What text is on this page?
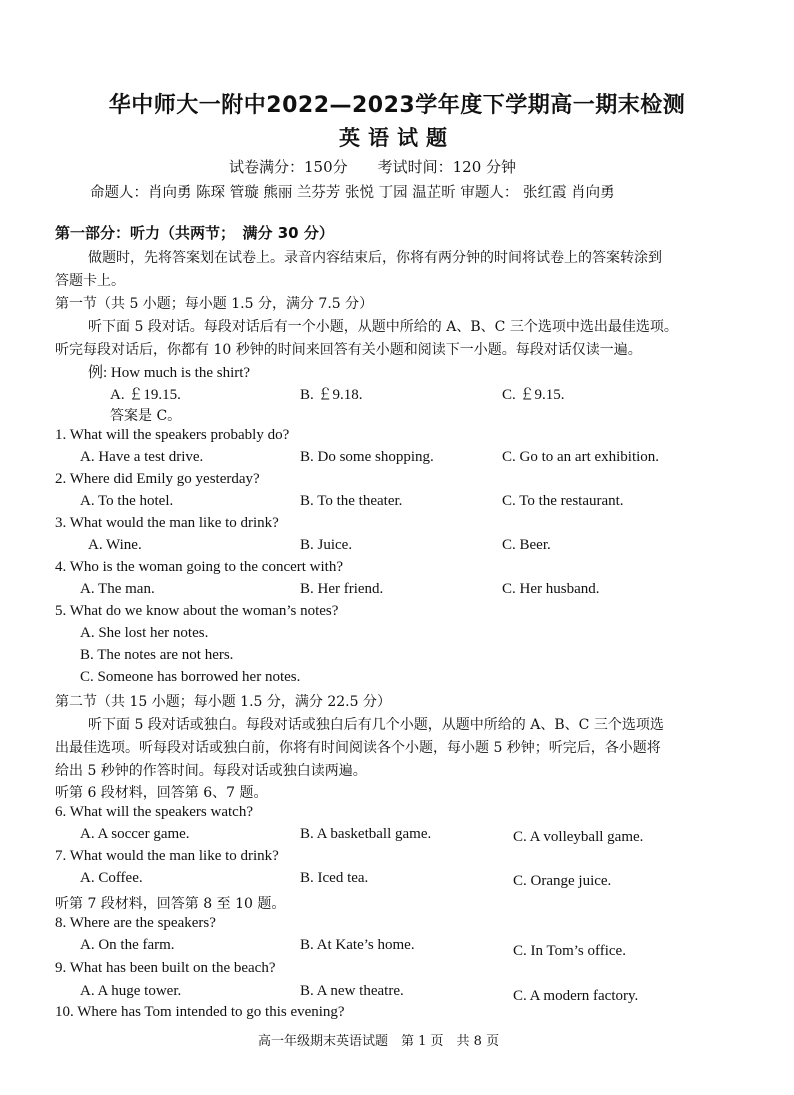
华中师大一附中2022—2023学年度下学期高一期末检测
英语试题
试卷满分：150分　　考试时间：120 分钟
命题人：肖向勇 陈琛 管璇 熊丽 兰芬芳 张悦 丁园 温芷昕 审题人： 张红霞 肖向勇
第一部分：听力（共两节；　满分 30 分）
做题时，先将答案划在试卷上。录音内容结束后，你将有两分钟的时间将试卷上的答案转涂到
答题卡上。
第一节（共 5 小题；每小题 1.5 分，满分 7.5 分）
听下面 5 段对话。每段对话后有一个小题，从题中所给的 A、B、C 三个选项中选出最佳选项。
听完每段对话后，你都有 10 秒钟的时间来回答有关小题和阅读下一小题。每段对话仅读一遍。
例: How much is the shirt?
A. ￡19.15.	B. ￡9.18.	C. ￡9.15.
答案是 C。
1. What will the speakers probably do?
A. Have a test drive.	B. Do some shopping.	C. Go to an art exhibition.
2. Where did Emily go yesterday?
A. To the hotel.	B. To the theater.	C. To the restaurant.
3. What would the man like to drink?
A. Wine.	B. Juice.	C. Beer.
4. Who is the woman going to the concert with?
A. The man.	B. Her friend.	C. Her husband.
5. What do we know about the woman’s notes?
A. She lost her notes.
B. The notes are not hers.
C. Someone has borrowed her notes.
第二节（共 15 小题；每小题 1.5 分，满分 22.5 分）
听下面 5 段对话或独白。每段对话或独白后有几个小题，从题中所给的 A、B、C 三个选项选
出最佳选项。听每段对话或独白前，你将有时间阅读各个小题，每小题 5 秒钟；听完后，各小题将
给出 5 秒钟的作答时间。每段对话或独白读两遍。
听第 6 段材料，回答第 6、7 题。
6. What will the speakers watch?
A. A soccer game.	B. A basketball game.	C. A volleyball game.
7. What would the man like to drink?
A. Coffee.	B. Iced tea.	C. Orange juice.
听第 7 段材料，回答第 8 至 10 题。
8. Where are the speakers?
A. On the farm.	B. At Kate’s home.	C. In Tom’s office.
9. What has been built on the beach?
A. A huge tower.	B. A new theatre.	C. A modern factory.
10. Where has Tom intended to go this evening?
高一年级期末英语试题　第 1 页　共 8 页
